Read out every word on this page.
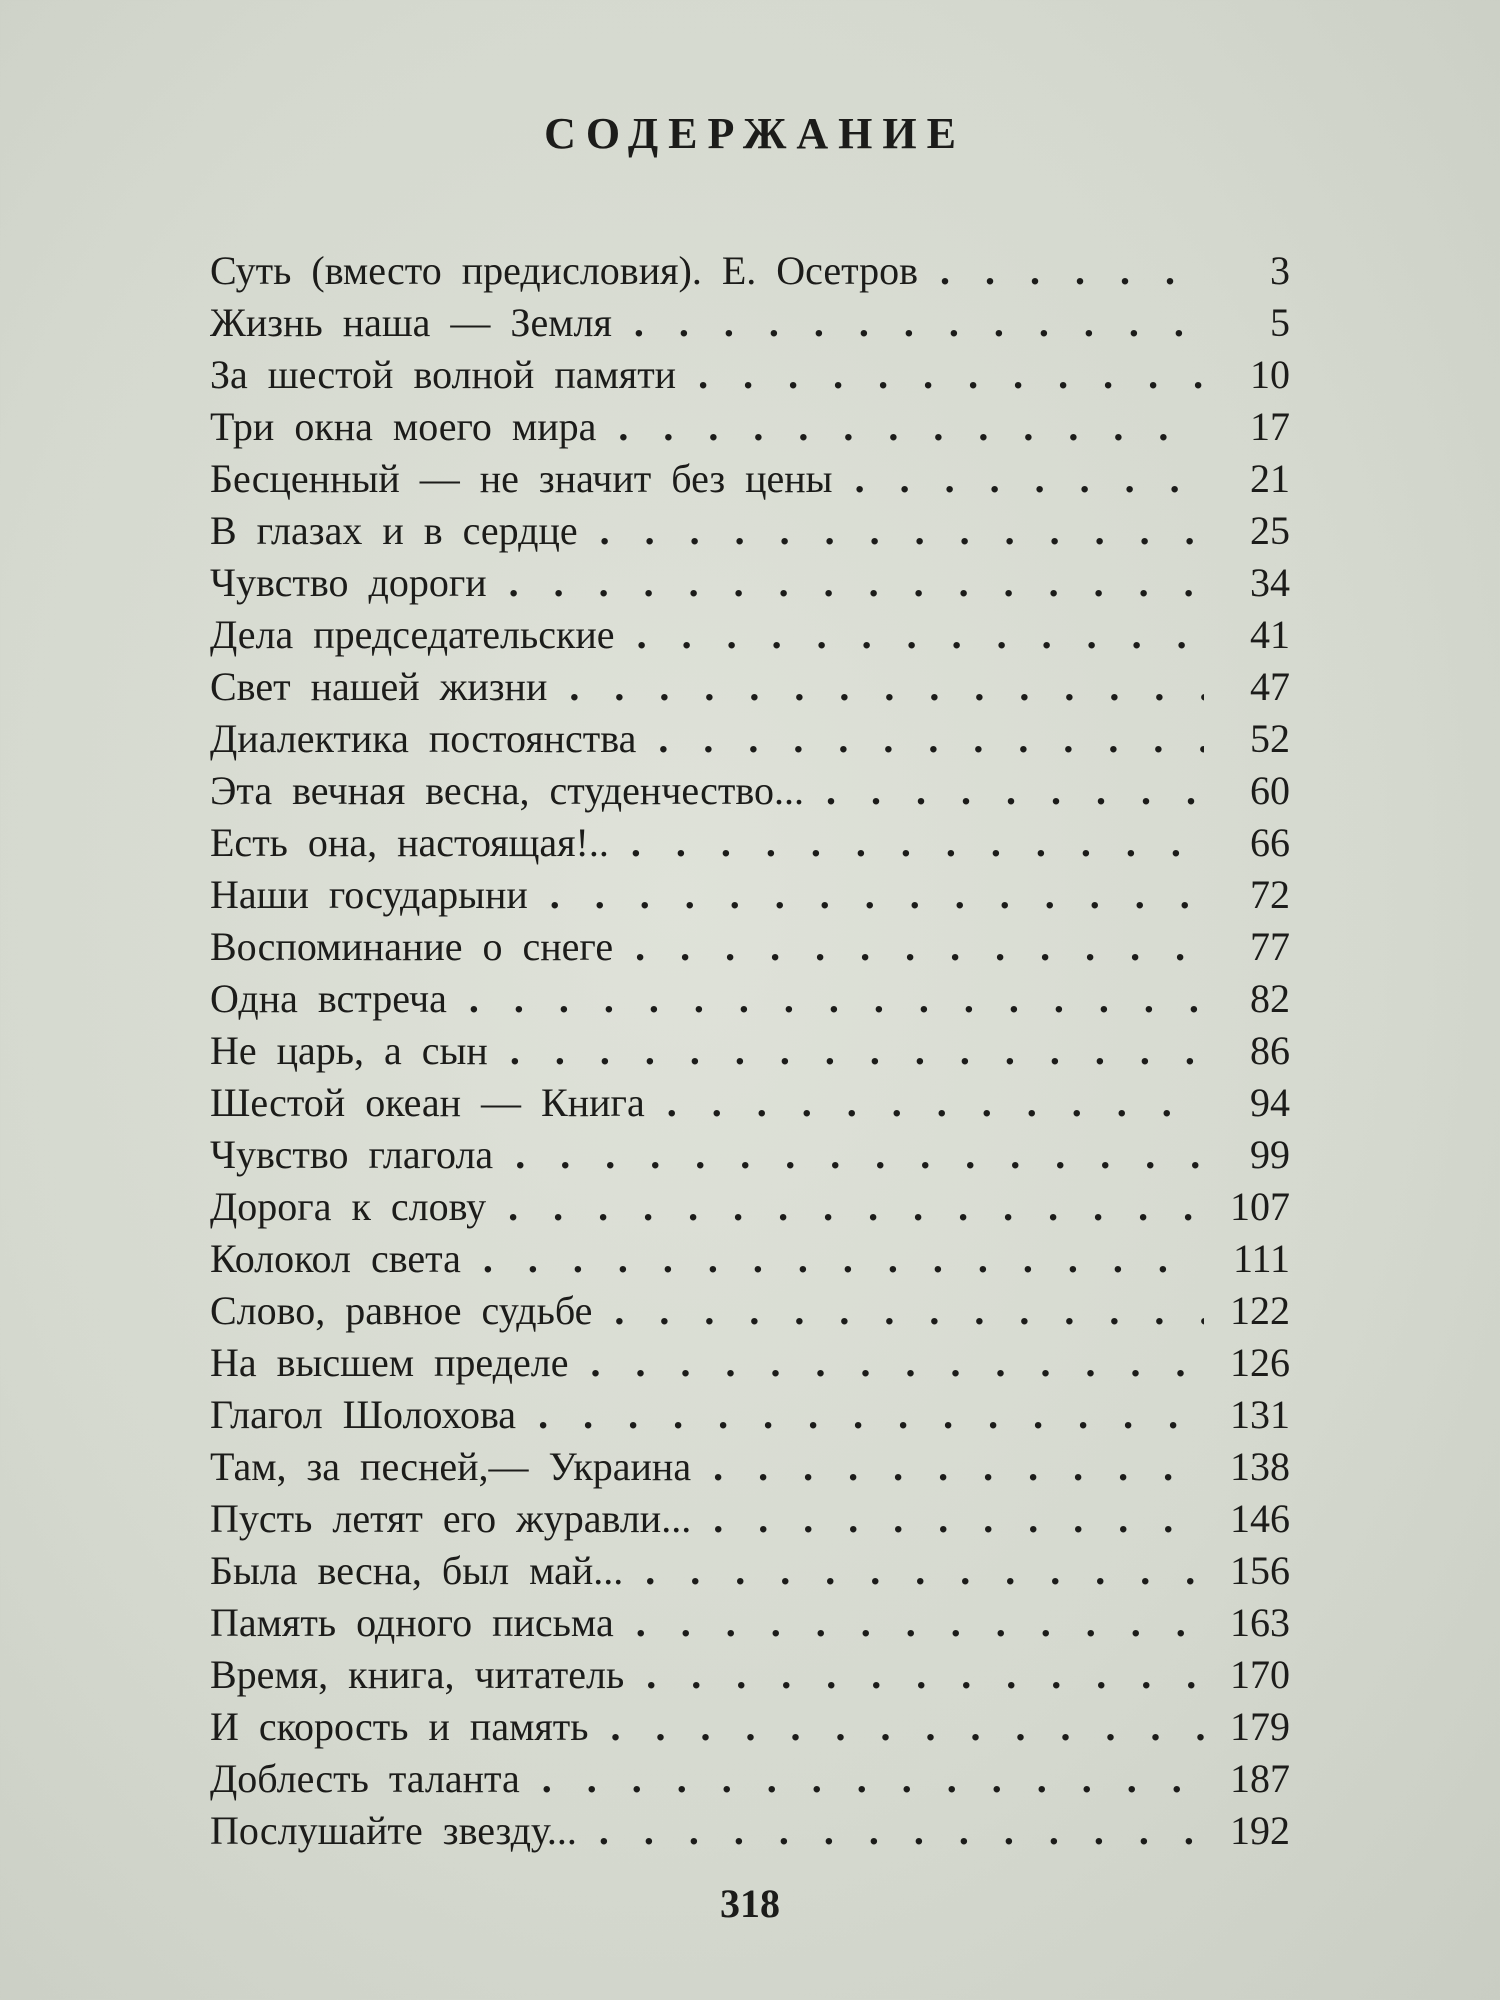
СОДЕРЖАНИЕ
Суть (вместо предисловия). Е. Осетров . . .	3
Жизнь наша — Земля . . .	5
За шестой волной памяти . . .	10
Три окна моего мира . . .	17
Бесценный — не значит без цены . . .	21
В глазах и в сердце . . .	25
Чувство дороги . . .	34
Дела председательские . . .	41
Свет нашей жизни . . .	47
Диалектика постоянства . . .	52
Эта вечная весна, студенчество... . . .	60
Есть она, настоящая!.. . . .	66
Наши государыни . . .	72
Воспоминание о снеге . . .	77
Одна встреча . . .	82
Не царь, а сын . . .	86
Шестой океан — Книга . . .	94
Чувство глагола . . .	99
Дорога к слову . . .	107
Колокол света . . .	111
Слово, равное судьбе . . .	122
На высшем пределе . . .	126
Глагол Шолохова . . .	131
Там, за песней,— Украина . . .	138
Пусть летят его журавли... . . .	146
Была весна, был май... . . .	156
Память одного письма . . .	163
Время, книга, читатель . . .	170
И скорость и память . . .	179
Доблесть таланта . . .	187
Послушайте звезду... . . .	192
318
